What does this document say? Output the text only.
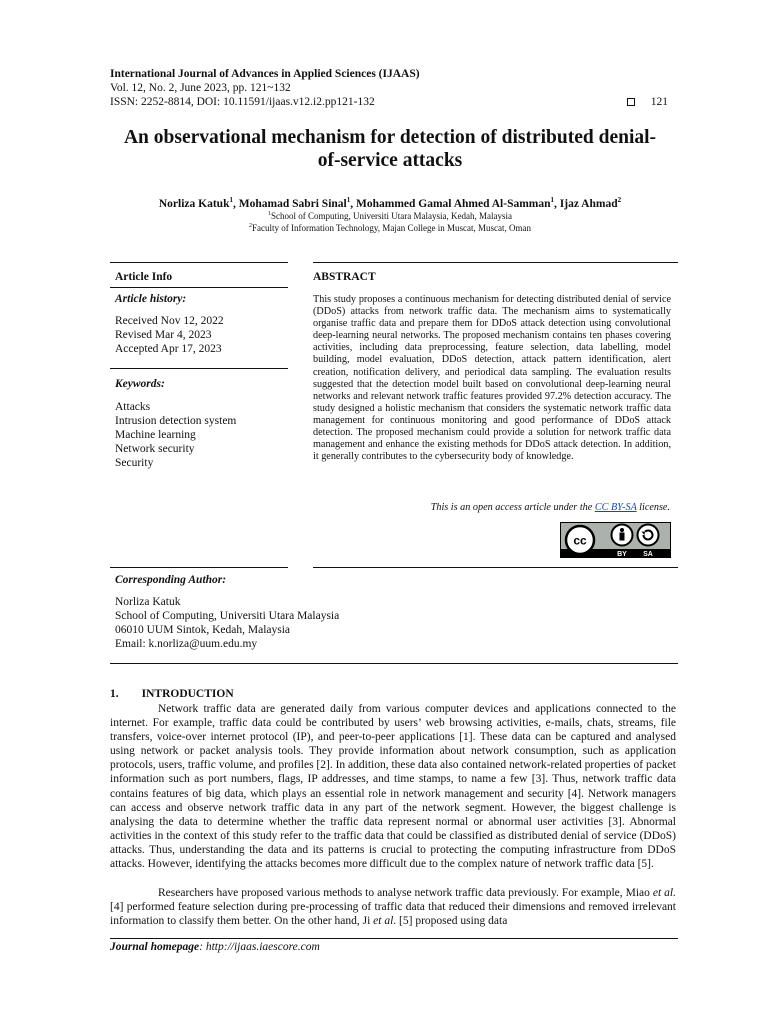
International Journal of Advances in Applied Sciences (IJAAS)
Vol. 12, No. 2, June 2023, pp. 121~132
ISSN: 2252-8814, DOI: 10.11591/ijaas.v12.i2.pp121-132	121
An observational mechanism for detection of distributed denial-
of-service attacks
Norliza Katuk$^1$, Mohamad Sabri Sinal$^1$, Mohammed Gamal Ahmed Al-Samman$^1$, Ijaz Ahmad$^2$
$^1$School of Computing, Universiti Utara Malaysia, Kedah, Malaysia
$^2$Faculty of Information Technology, Majan College in Muscat, Muscat, Oman
Article Info
Article history:
Received Nov 12, 2022
Revised Mar 4, 2023
Accepted Apr 17, 2023
Keywords:
Attacks
Intrusion detection system
Machine learning
Network security
Security
ABSTRACT
This study proposes a continuous mechanism for detecting distributed denial of service (DDoS) attacks from network traffic data. The mechanism aims to systematically organise traffic data and prepare them for DDoS attack detection using convolutional deep-learning neural networks. The proposed mechanism contains ten phases covering activities, including data preprocessing, feature selection, data labelling, model building, model evaluation, DDoS detection, attack pattern identification, alert creation, notification delivery, and periodical data sampling. The evaluation results suggested that the detection model built based on convolutional deep-learning neural networks and relevant network traffic features provided 97.2% detection accuracy. The study designed a holistic mechanism that considers the systematic network traffic data management for continuous monitoring and good performance of DDoS attack detection. The proposed mechanism could provide a solution for network traffic data management and enhance the existing methods for DDoS attack detection. In addition, it generally contributes to the cybersecurity body of knowledge.
This is an open access article under the CC BY-SA license.
cc
BY SA
Corresponding Author:
Norliza Katuk
School of Computing, Universiti Utara Malaysia
06010 UUM Sintok, Kedah, Malaysia
Email: k.norliza@uum.edu.my
1.        INTRODUCTION
Network traffic data are generated daily from various computer devices and applications connected to the internet. For example, traffic data could be contributed by users’ web browsing activities, e-mails, chats, streams, file transfers, voice-over internet protocol (IP), and peer-to-peer applications [1]. These data can be captured and analysed using network or packet analysis tools. They provide information about network consumption, such as application protocols, users, traffic volume, and profiles [2]. In addition, these data also contained network-related properties of packet information such as port numbers, flags, IP addresses, and time stamps, to name a few [3]. Thus, network traffic data contains features of big data, which plays an essential role in network management and security [4]. Network managers can access and observe network traffic data in any part of the network segment. However, the biggest challenge is analysing the data to determine whether the traffic data represent normal or abnormal user activities [3]. Abnormal activities in the context of this study refer to the traffic data that could be classified as distributed denial of service (DDoS) attacks. Thus, understanding the data and its patterns is crucial to protecting the computing infrastructure from DDoS attacks. However, identifying the attacks becomes more difficult due to the complex nature of network traffic data [5].
Researchers have proposed various methods to analyse network traffic data previously. For example, Miao et al. [4] performed feature selection during pre-processing of traffic data that reduced their dimensions and removed irrelevant information to classify them better. On the other hand, Ji et al. [5] proposed using data
Journal homepage: http://ijaas.iaescore.com
